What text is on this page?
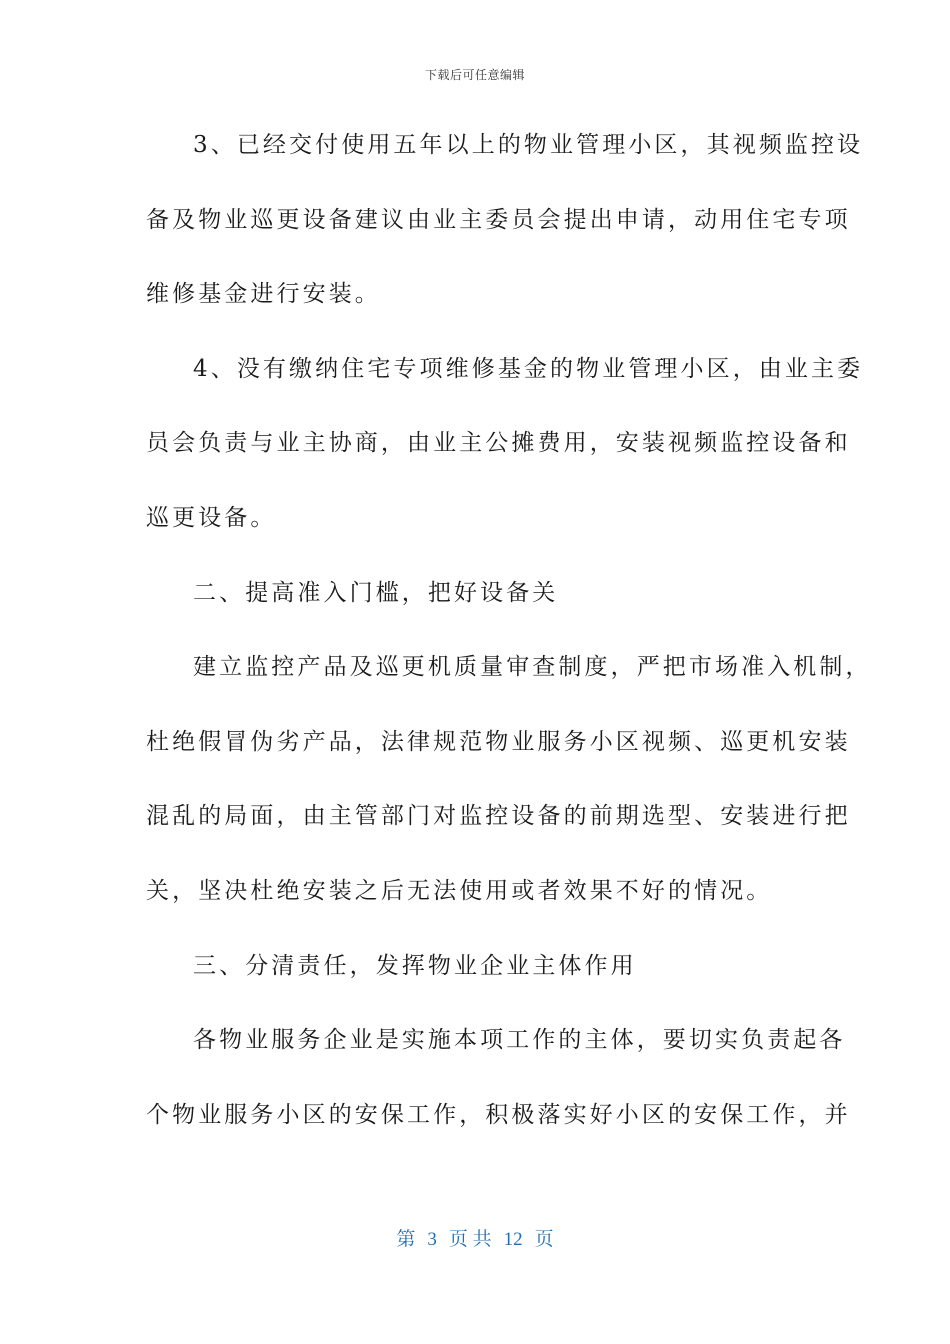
下载后可任意编辑
3、已经交付使用五年以上的物业管理小区，其视频监控设
备及物业巡更设备建议由业主委员会提出申请，动用住宅专项
维修基金进行安装。
4、没有缴纳住宅专项维修基金的物业管理小区，由业主委
员会负责与业主协商，由业主公摊费用，安装视频监控设备和
巡更设备。
二、提高准入门槛，把好设备关
建立监控产品及巡更机质量审查制度，严把市场准入机制，
杜绝假冒伪劣产品，法律规范物业服务小区视频、巡更机安装
混乱的局面，由主管部门对监控设备的前期选型、安装进行把
关，坚决杜绝安装之后无法使用或者效果不好的情况。
三、分清责任，发挥物业企业主体作用
各物业服务企业是实施本项工作的主体，要切实负责起各
个物业服务小区的安保工作，积极落实好小区的安保工作，并
第 3 页 共 12 页
